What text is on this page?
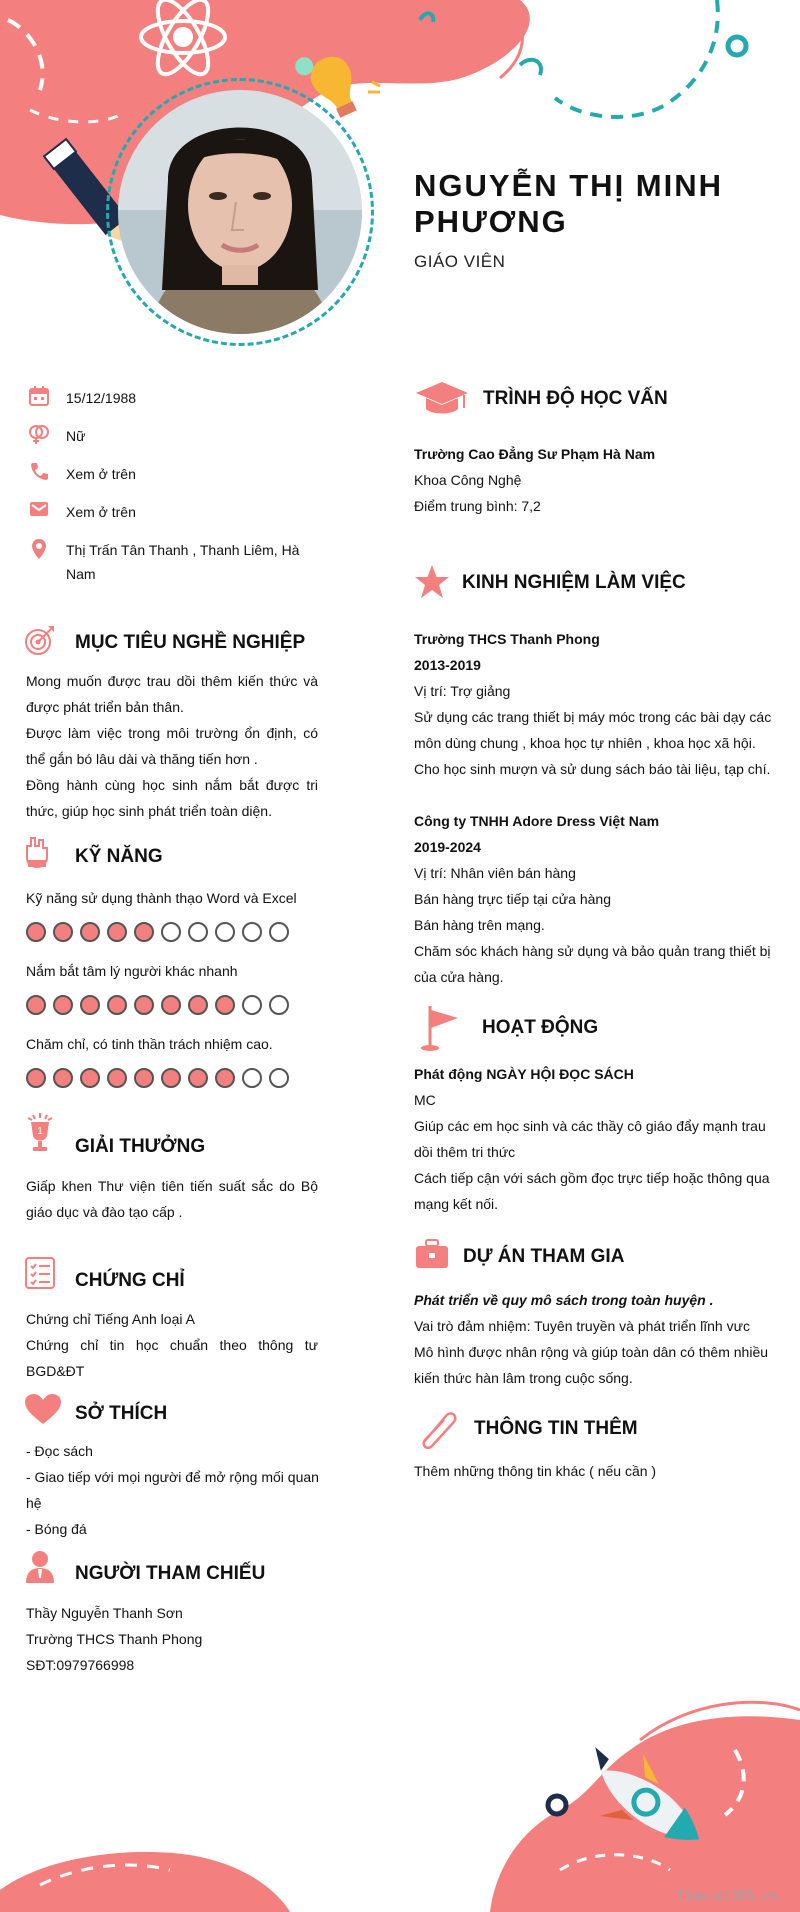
NGUYỄN THỊ MINH PHƯƠNG
GIÁO VIÊN
15/12/1988
Nữ
Xem ở trên
Xem ở trên
Thị Trấn Tân Thanh , Thanh Liêm, Hà Nam
MỤC TIÊU NGHỀ NGHIỆP
Mong muốn được trau dồi thêm kiến thức và được phát triển bản thân.
Được làm việc trong môi trường ổn định, có thể gắn bó lâu dài và thăng tiến hơn .
Đồng hành cùng học sinh nắm bắt được tri thức, giúp học sinh phát triển toàn diện.
KỸ NĂNG
Kỹ năng sử dụng thành thạo Word và Excel
Nắm bắt tâm lý người khác nhanh
Chăm chỉ, có tinh thần trách nhiệm cao.
1
GIẢI THƯỞNG
Giấp khen Thư viện tiên tiến suất sắc do Bộ giáo dục và đào tạo cấp .
CHỨNG CHỈ
Chứng chỉ Tiếng Anh loại A
Chứng chỉ tin học chuẩn theo thông tư BGD&ĐT
SỞ THÍCH
- Đọc sách
- Giao tiếp với mọi người để mở rộng mối quan hệ
- Bóng đá
NGƯỜI THAM CHIẾU
Thầy Nguyễn Thanh Sơn
Trường THCS Thanh Phong
SĐT:0979766998
TRÌNH ĐỘ HỌC VẤN
Trường Cao Đẳng Sư Phạm Hà Nam
Khoa Công Nghệ
Điểm trung bình: 7,2
KINH NGHIỆM LÀM VIỆC
Trường THCS Thanh Phong
2013-2019
Vị trí: Trợ giảng
Sử dụng các trang thiết bị máy móc trong các bài dạy các môn dùng chung , khoa học tự nhiên , khoa học xã hội.
Cho học sinh mượn và sử dung sách báo tài liệu, tạp chí.
Công ty TNHH Adore Dress Việt Nam
2019-2024
Vị trí: Nhân viên bán hàng
Bán hàng trực tiếp tại cửa hàng
Bán hàng trên mạng.
Chăm sóc khách hàng sử dụng và bảo quản trang thiết bị của cửa hàng.
HOẠT ĐỘNG
Phát động NGÀY HỘI ĐỌC SÁCH
MC
Giúp các em học sinh và các thầy cô giáo đẩy mạnh trau dồi thêm tri thức
Cách tiếp cận với sách gồm đọc trực tiếp hoặc thông qua mạng kết nối.
DỰ ÁN THAM GIA
Phát triển về quy mô sách trong toàn huyện .
Vai trò đảm nhiệm: Tuyên truyền và phát triển lĩnh vưc
Mô hình được nhân rộng và giúp toàn dân có thêm nhiều kiến thức hàn lâm trong cuộc sống.
THÔNG TIN THÊM
Thêm những thông tin khác ( nếu cần )
Timviec365.vn
